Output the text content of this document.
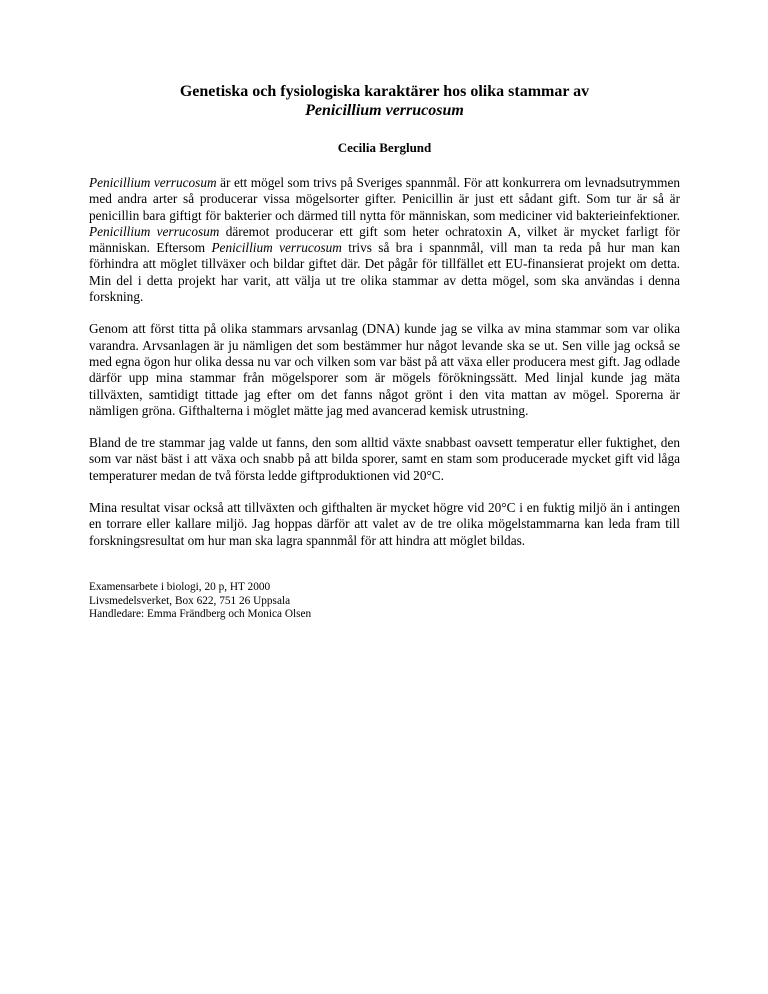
Genetiska och fysiologiska karaktärer hos olika stammar av
Penicillium verrucosum

Cecilia Berglund

Penicillium verrucosum är ett mögel som trivs på Sveriges spannmål. För att konkurrera om levnadsutrymmen med andra arter så producerar vissa mögelsorter gifter. Penicillin är just ett sådant gift. Som tur är så är penicillin bara giftigt för bakterier och därmed till nytta för människan, som mediciner vid bakterieinfektioner. Penicillium verrucosum däremot producerar ett gift som heter ochratoxin A, vilket är mycket farligt för människan. Eftersom Penicillium verrucosum trivs så bra i spannmål, vill man ta reda på hur man kan förhindra att möglet tillväxer och bildar giftet där. Det pågår för tillfället ett EU-finansierat projekt om detta. Min del i detta projekt har varit, att välja ut tre olika stammar av detta mögel, som ska användas i denna forskning.

Genom att först titta på olika stammars arvsanlag (DNA) kunde jag se vilka av mina stammar som var olika varandra. Arvsanlagen är ju nämligen det som bestämmer hur något levande ska se ut. Sen ville jag också se med egna ögon hur olika dessa nu var och vilken som var bäst på att växa eller producera mest gift. Jag odlade därför upp mina stammar från mögelsporer som är mögels förökningssätt. Med linjal kunde jag mäta tillväxten, samtidigt tittade jag efter om det fanns något grönt i den vita mattan av mögel. Sporerna är nämligen gröna. Gifthalterna i möglet mätte jag med avancerad kemisk utrustning.

Bland de tre stammar jag valde ut fanns, den som alltid växte snabbast oavsett temperatur eller fuktighet, den som var näst bäst i att växa och snabb på att bilda sporer, samt en stam som producerade mycket gift vid låga temperaturer medan de två första ledde giftproduktionen vid 20°C.

Mina resultat visar också att tillväxten och gifthalten är mycket högre vid 20°C i en fuktig miljö än i antingen en torrare eller kallare miljö. Jag hoppas därför att valet av de tre olika mögelstammarna kan leda fram till forskningsresultat om hur man ska lagra spannmål för att hindra att möglet bildas.

Examensarbete i biologi, 20 p, HT 2000
Livsmedelsverket, Box 622, 751 26 Uppsala
Handledare: Emma Frändberg och Monica Olsen
